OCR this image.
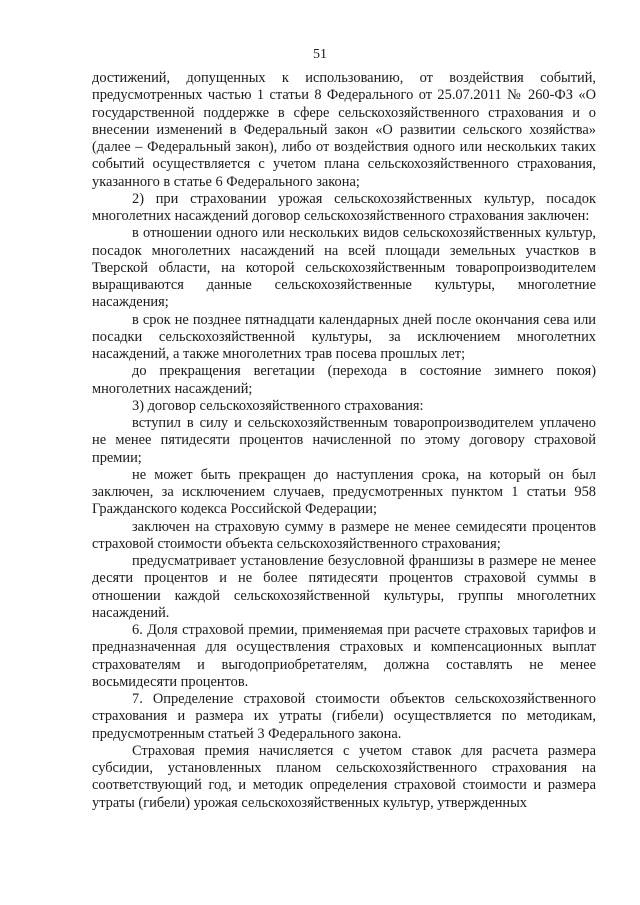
51

достижений, допущенных к использованию, от воздействия событий, предусмотренных частью 1 статьи 8 Федерального от 25.07.2011 № 260-ФЗ «О государственной поддержке в сфере сельскохозяйственного страхования и о внесении изменений в Федеральный закон «О развитии сельского хозяйства» (далее – Федеральный закон), либо от воздействия одного или нескольких таких событий осуществляется с учетом плана сельскохозяйственного страхования, указанного в статье 6 Федерального закона;

2) при страховании урожая сельскохозяйственных культур, посадок многолетних насаждений договор сельскохозяйственного страхования заключен:

в отношении одного или нескольких видов сельскохозяйственных культур, посадок многолетних насаждений на всей площади земельных участков в Тверской области, на которой сельскохозяйственным товаропроизводителем выращиваются данные сельскохозяйственные культуры, многолетние насаждения;

в срок не позднее пятнадцати календарных дней после окончания сева или посадки сельскохозяйственной культуры, за исключением многолетних насаждений, а также многолетних трав посева прошлых лет;

до прекращения вегетации (перехода в состояние зимнего покоя) многолетних насаждений;

3) договор сельскохозяйственного страхования:

вступил в силу и сельскохозяйственным товаропроизводителем уплачено не менее пятидесяти процентов начисленной по этому договору страховой премии;

не может быть прекращен до наступления срока, на который он был заключен, за исключением случаев, предусмотренных пунктом 1 статьи 958 Гражданского кодекса Российской Федерации;

заключен на страховую сумму в размере не менее семидесяти процентов страховой стоимости объекта сельскохозяйственного страхования;

предусматривает установление безусловной франшизы в размере не менее десяти процентов и не более пятидесяти процентов страховой суммы в отношении каждой сельскохозяйственной культуры, группы многолетних насаждений.

6. Доля страховой премии, применяемая при расчете страховых тарифов и предназначенная для осуществления страховых и компенсационных выплат страхователям и выгодоприобретателям, должна составлять не менее восьмидесяти процентов.

7. Определение страховой стоимости объектов сельскохозяйственного страхования и размера их утраты (гибели) осуществляется по методикам, предусмотренным статьей 3 Федерального закона.

Страховая премия начисляется с учетом ставок для расчета размера субсидии, установленных планом сельскохозяйственного страхования на соответствующий год, и методик определения страховой стоимости и размера утраты (гибели) урожая сельскохозяйственных культур, утвержденных
